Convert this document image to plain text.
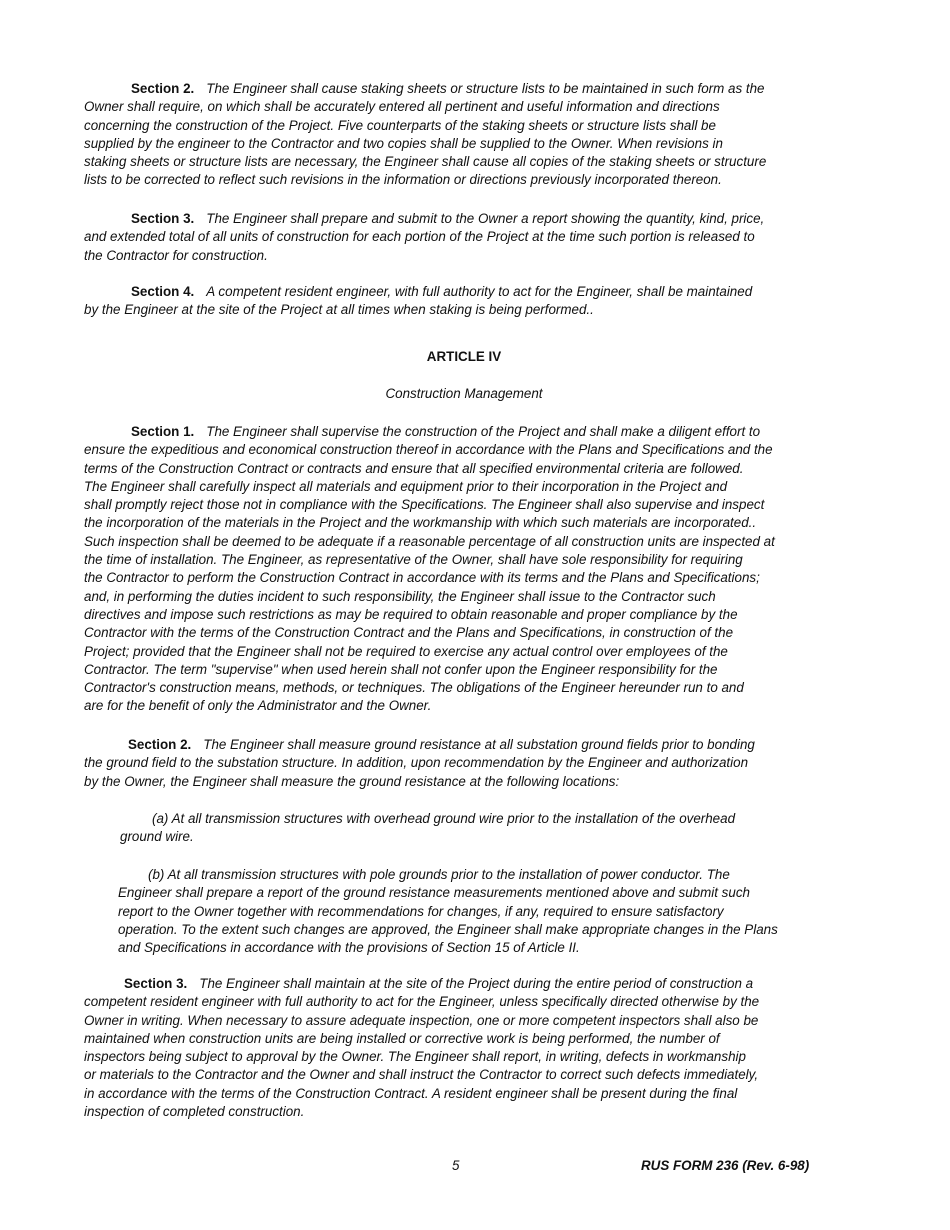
Section 2. The Engineer shall cause staking sheets or structure lists to be maintained in such form as the
Owner shall require, on which shall be accurately entered all pertinent and useful information and directions
concerning the construction of the Project. Five counterparts of the staking sheets or structure lists shall be
supplied by the engineer to the Contractor and two copies shall be supplied to the Owner. When revisions in
staking sheets or structure lists are necessary, the Engineer shall cause all copies of the staking sheets or structure
lists to be corrected to reflect such revisions in the information or directions previously incorporated thereon.

Section 3. The Engineer shall prepare and submit to the Owner a report showing the quantity, kind, price,
and extended total of all units of construction for each portion of the Project at the time such portion is released to
the Contractor for construction.

Section 4. A competent resident engineer, with full authority to act for the Engineer, shall be maintained
by the Engineer at the site of the Project at all times when staking is being performed..

ARTICLE IV

Construction Management

Section 1. The Engineer shall supervise the construction of the Project and shall make a diligent effort to
ensure the expeditious and economical construction thereof in accordance with the Plans and Specifications and the
terms of the Construction Contract or contracts and ensure that all specified environmental criteria are followed.
The Engineer shall carefully inspect all materials and equipment prior to their incorporation in the Project and
shall promptly reject those not in compliance with the Specifications. The Engineer shall also supervise and inspect
the incorporation of the materials in the Project and the workmanship with which such materials are incorporated..
Such inspection shall be deemed to be adequate if a reasonable percentage of all construction units are inspected at
the time of installation. The Engineer, as representative of the Owner, shall have sole responsibility for requiring
the Contractor to perform the Construction Contract in accordance with its terms and the Plans and Specifications;
and, in performing the duties incident to such responsibility, the Engineer shall issue to the Contractor such
directives and impose such restrictions as may be required to obtain reasonable and proper compliance by the
Contractor with the terms of the Construction Contract and the Plans and Specifications, in construction of the
Project; provided that the Engineer shall not be required to exercise any actual control over employees of the
Contractor. The term "supervise" when used herein shall not confer upon the Engineer responsibility for the
Contractor's construction means, methods, or techniques. The obligations of the Engineer hereunder run to and
are for the benefit of only the Administrator and the Owner.

Section 2. The Engineer shall measure ground resistance at all substation ground fields prior to bonding
the ground field to the substation structure. In addition, upon recommendation by the Engineer and authorization
by the Owner, the Engineer shall measure the ground resistance at the following locations:

(a) At all transmission structures with overhead ground wire prior to the installation of the overhead
ground wire.

(b) At all transmission structures with pole grounds prior to the installation of power conductor. The
Engineer shall prepare a report of the ground resistance measurements mentioned above and submit such
report to the Owner together with recommendations for changes, if any, required to ensure satisfactory
operation. To the extent such changes are approved, the Engineer shall make appropriate changes in the Plans
and Specifications in accordance with the provisions of Section 15 of Article II.

Section 3. The Engineer shall maintain at the site of the Project during the entire period of construction a
competent resident engineer with full authority to act for the Engineer, unless specifically directed otherwise by the
Owner in writing. When necessary to assure adequate inspection, one or more competent inspectors shall also be
maintained when construction units are being installed or corrective work is being performed, the number of
inspectors being subject to approval by the Owner. The Engineer shall report, in writing, defects in workmanship
or materials to the Contractor and the Owner and shall instruct the Contractor to correct such defects immediately,
in accordance with the terms of the Construction Contract. A resident engineer shall be present during the final
inspection of completed construction.

5	RUS FORM 236 (Rev. 6-98)
